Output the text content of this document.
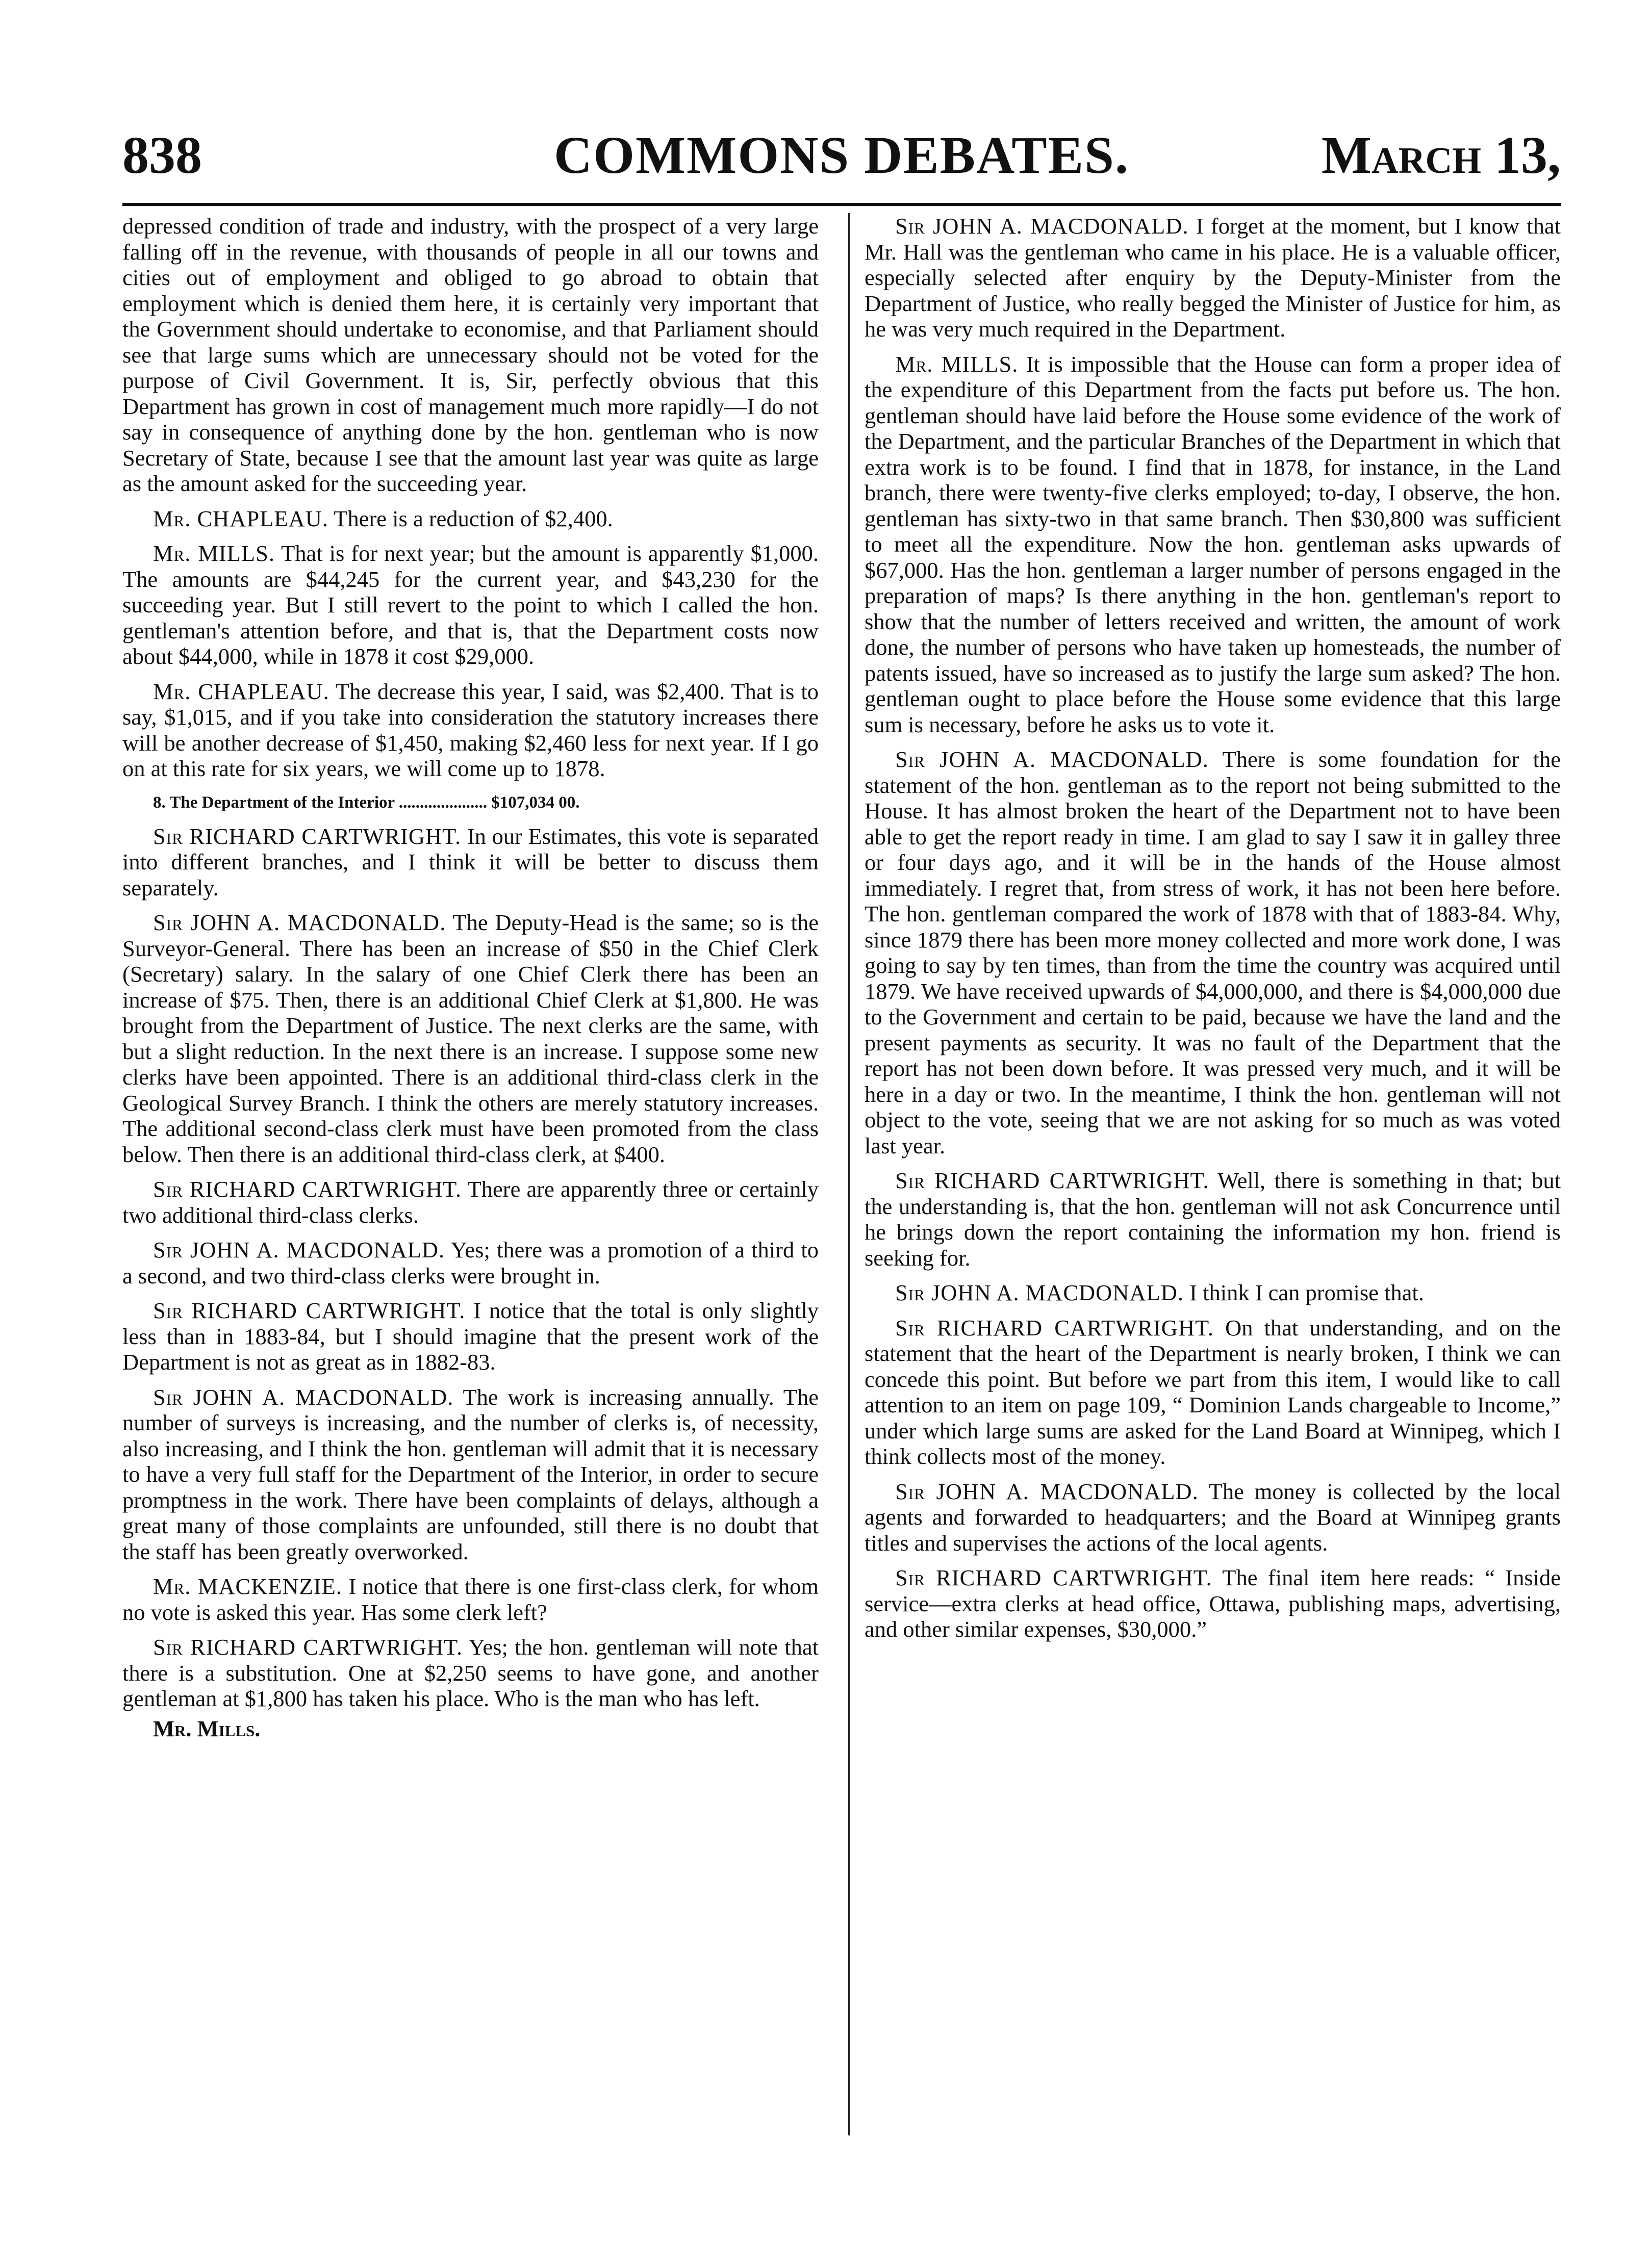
838	COMMONS DEBATES.	March 13,

depressed condition of trade and industry, with the prospect of a very large falling off in the revenue, with thousands of people in all our towns and cities out of employment and obliged to go abroad to obtain that employment which is denied them here, it is certainly very important that the Government should undertake to economise, and that Parliament should see that large sums which are unnecessary should not be voted for the purpose of Civil Government. It is, Sir, perfectly obvious that this Department has grown in cost of management much more rapidly—I do not say in consequence of anything done by the hon. gentleman who is now Secretary of State, because I see that the amount last year was quite as large as the amount asked for the succeeding year.

Mr. CHAPLEAU. There is a reduction of $2,400.

Mr. MILLS. That is for next year; but the amount is apparently $1,000. The amounts are $44,245 for the current year, and $43,230 for the succeeding year. But I still revert to the point to which I called the hon. gentleman's attention before, and that is, that the Department costs now about $44,000, while in 1878 it cost $29,000.

Mr. CHAPLEAU. The decrease this year, I said, was $2,400. That is to say, $1,015, and if you take into consideration the statutory increases there will be another decrease of $1,450, making $2,460 less for next year. If I go on at this rate for six years, we will come up to 1878.

8. The Department of the Interior ..................... $107,034 00.

Sir RICHARD CARTWRIGHT. In our Estimates, this vote is separated into different branches, and I think it will be better to discuss them separately.

Sir JOHN A. MACDONALD. The Deputy-Head is the same; so is the Surveyor-General. There has been an increase of $50 in the Chief Clerk (Secretary) salary. In the salary of one Chief Clerk there has been an increase of $75. Then, there is an additional Chief Clerk at $1,800. He was brought from the Department of Justice. The next clerks are the same, with but a slight reduction. In the next there is an increase. I suppose some new clerks have been appointed. There is an additional third-class clerk in the Geological Survey Branch. I think the others are merely statutory increases. The additional second-class clerk must have been promoted from the class below. Then there is an additional third-class clerk, at $400.

Sir RICHARD CARTWRIGHT. There are apparently three or certainly two additional third-class clerks.

Sir JOHN A. MACDONALD. Yes; there was a promotion of a third to a second, and two third-class clerks were brought in.

Sir RICHARD CARTWRIGHT. I notice that the total is only slightly less than in 1883-84, but I should imagine that the present work of the Department is not as great as in 1882-83.

Sir JOHN A. MACDONALD. The work is increasing annually. The number of surveys is increasing, and the number of clerks is, of necessity, also increasing, and I think the hon. gentleman will admit that it is necessary to have a very full staff for the Department of the Interior, in order to secure promptness in the work. There have been complaints of delays, although a great many of those complaints are unfounded, still there is no doubt that the staff has been greatly overworked.

Mr. MACKENZIE. I notice that there is one first-class clerk, for whom no vote is asked this year. Has some clerk left?

Sir RICHARD CARTWRIGHT. Yes; the hon. gentleman will note that there is a substitution. One at $2,250 seems to have gone, and another gentleman at $1,800 has taken his place. Who is the man who has left.

Mr. Mills.

Sir JOHN A. MACDONALD. I forget at the moment, but I know that Mr. Hall was the gentleman who came in his place. He is a valuable officer, especially selected after enquiry by the Deputy-Minister from the Department of Justice, who really begged the Minister of Justice for him, as he was very much required in the Department.

Mr. MILLS. It is impossible that the House can form a proper idea of the expenditure of this Department from the facts put before us. The hon. gentleman should have laid before the House some evidence of the work of the Department, and the particular Branches of the Department in which that extra work is to be found. I find that in 1878, for instance, in the Land branch, there were twenty-five clerks employed; to-day, I observe, the hon. gentleman has sixty-two in that same branch. Then $30,800 was sufficient to meet all the expenditure. Now the hon. gentleman asks upwards of $67,000. Has the hon. gentleman a larger number of persons engaged in the preparation of maps? Is there anything in the hon. gentleman's report to show that the number of letters received and written, the amount of work done, the number of persons who have taken up homesteads, the number of patents issued, have so increased as to justify the large sum asked? The hon. gentleman ought to place before the House some evidence that this large sum is necessary, before he asks us to vote it.

Sir JOHN A. MACDONALD. There is some foundation for the statement of the hon. gentleman as to the report not being submitted to the House. It has almost broken the heart of the Department not to have been able to get the report ready in time. I am glad to say I saw it in galley three or four days ago, and it will be in the hands of the House almost immediately. I regret that, from stress of work, it has not been here before. The hon. gentleman compared the work of 1878 with that of 1883-84. Why, since 1879 there has been more money collected and more work done, I was going to say by ten times, than from the time the country was acquired until 1879. We have received upwards of $4,000,000, and there is $4,000,000 due to the Government and certain to be paid, because we have the land and the present payments as security. It was no fault of the Department that the report has not been down before. It was pressed very much, and it will be here in a day or two. In the meantime, I think the hon. gentleman will not object to the vote, seeing that we are not asking for so much as was voted last year.

Sir RICHARD CARTWRIGHT. Well, there is something in that; but the understanding is, that the hon. gentleman will not ask Concurrence until he brings down the report containing the information my hon. friend is seeking for.

Sir JOHN A. MACDONALD. I think I can promise that.

Sir RICHARD CARTWRIGHT. On that understanding, and on the statement that the heart of the Department is nearly broken, I think we can concede this point. But before we part from this item, I would like to call attention to an item on page 109, “ Dominion Lands chargeable to Income,” under which large sums are asked for the Land Board at Winnipeg, which I think collects most of the money.

Sir JOHN A. MACDONALD. The money is collected by the local agents and forwarded to headquarters; and the Board at Winnipeg grants titles and supervises the actions of the local agents.

Sir RICHARD CARTWRIGHT. The final item here reads: “ Inside service—extra clerks at head office, Ottawa, publishing maps, advertising, and other similar expenses, $30,000.”
